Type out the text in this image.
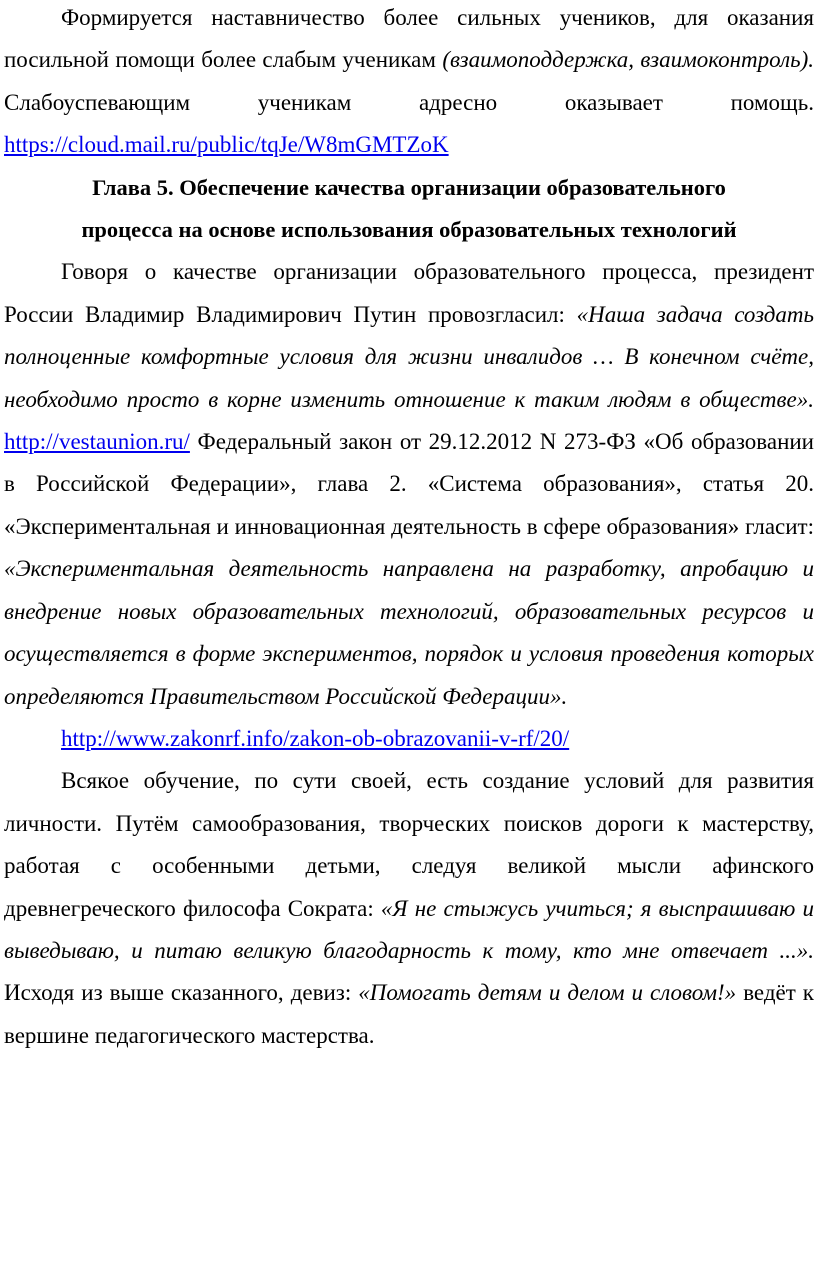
Формируется наставничество более сильных учеников, для оказания посильной помощи более слабым ученикам (взаимоподдержка, взаимоконтроль). Слабоуспевающим ученикам адресно оказывает помощь. https://cloud.mail.ru/public/tqJe/W8mGMTZoK

Глава 5. Обеспечение качества организации образовательного
процесса на основе использования образовательных технологий

Говоря о качестве организации образовательного процесса, президент России Владимир Владимирович Путин провозгласил: «Наша задача создать полноценные комфортные условия для жизни инвалидов … В конечном счёте, необходимо просто в корне изменить отношение к таким людям в обществе». http://vestaunion.ru/ Федеральный закон от 29.12.2012 N 273-ФЗ «Об образовании в Российской Федерации», глава 2. «Система образования», статья 20. «Экспериментальная и инновационная деятельность в сфере образования» гласит: «Экспериментальная деятельность направлена на разработку, апробацию и внедрение новых образовательных технологий, образовательных ресурсов и осуществляется в форме экспериментов, порядок и условия проведения которых определяются Правительством Российской Федерации».

http://www.zakonrf.info/zakon-ob-obrazovanii-v-rf/20/

Всякое обучение, по сути своей, есть создание условий для развития личности. Путём самообразования, творческих поисков дороги к мастерству, работая с особенными детьми, следуя великой мысли афинского древнегреческого философа Сократа: «Я не стыжусь учиться; я выспрашиваю и выведываю, и питаю великую благодарность к тому, кто мне отвечает ...». Исходя из выше сказанного, девиз: «Помогать детям и делом и словом!» ведёт к вершине педагогического мастерства.
